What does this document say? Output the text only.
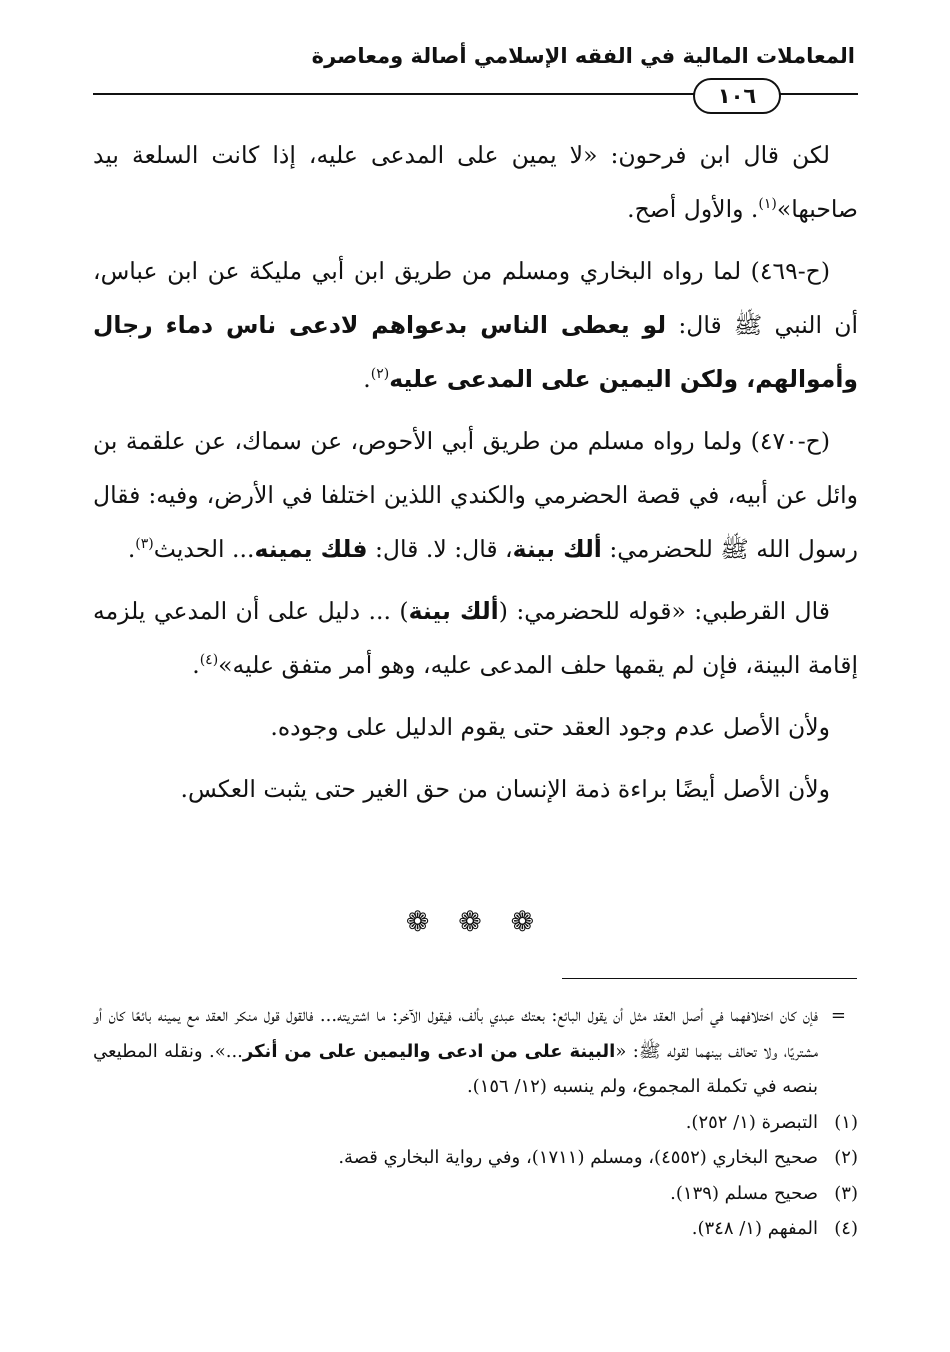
المعاملات المالية في الفقه الإسلامي أصالة ومعاصرة
١٠٦

لكن قال ابن فرحون: «لا يمين على المدعى عليه، إذا كانت السلعة بيد صاحبها»$^{(١)}$. والأول أصح.

(ح-٤٦٩) لما رواه البخاري ومسلم من طريق ابن أبي مليكة عن ابن عباس، أن النبي ﷺ قال: لو يعطى الناس بدعواهم لادعى ناس دماء رجال وأموالهم، ولكن اليمين على المدعى عليه$^{(٢)}$.

(ح-٤٧٠) ولما رواه مسلم من طريق أبي الأحوص، عن سماك، عن علقمة بن وائل عن أبيه، في قصة الحضرمي والكندي اللذين اختلفا في الأرض، وفيه: فقال رسول الله ﷺ للحضرمي: ألك بينة، قال: لا. قال: فلك يمينه... الحديث$^{(٣)}$.

قال القرطبي: «قوله للحضرمي: (ألك بينة) ... دليل على أن المدعي يلزمه إقامة البينة، فإن لم يقمها حلف المدعى عليه، وهو أمر متفق عليه»$^{(٤)}$.

ولأن الأصل عدم وجود العقد حتى يقوم الدليل على وجوده.

ولأن الأصل أيضًا براءة ذمة الإنسان من حق الغير حتى يثبت العكس.

❁ ❁ ❁
=
فإن كان اختلافهما في أصل العقد مثل أن يقول البائع: بعتك عبدي بألف، فيقول الآخر: ما اشتريته... فالقول قول منكر العقد مع يمينه بائعًا كان أو مشتريًا، ولا تحالف بينهما لقوله ﷺ: «البينة على من ادعى واليمين على من أنكر...». ونقله المطيعي بنصه في تكملة المجموع، ولم ينسبه (١٢/ ١٥٦).
(١)
التبصرة (١/ ٢٥٢).
(٢)
صحيح البخاري (٤٥٥٢)، ومسلم (١٧١١)، وفي رواية البخاري قصة.
(٣)
صحيح مسلم (١٣٩).
(٤)
المفهم (١/ ٣٤٨).
